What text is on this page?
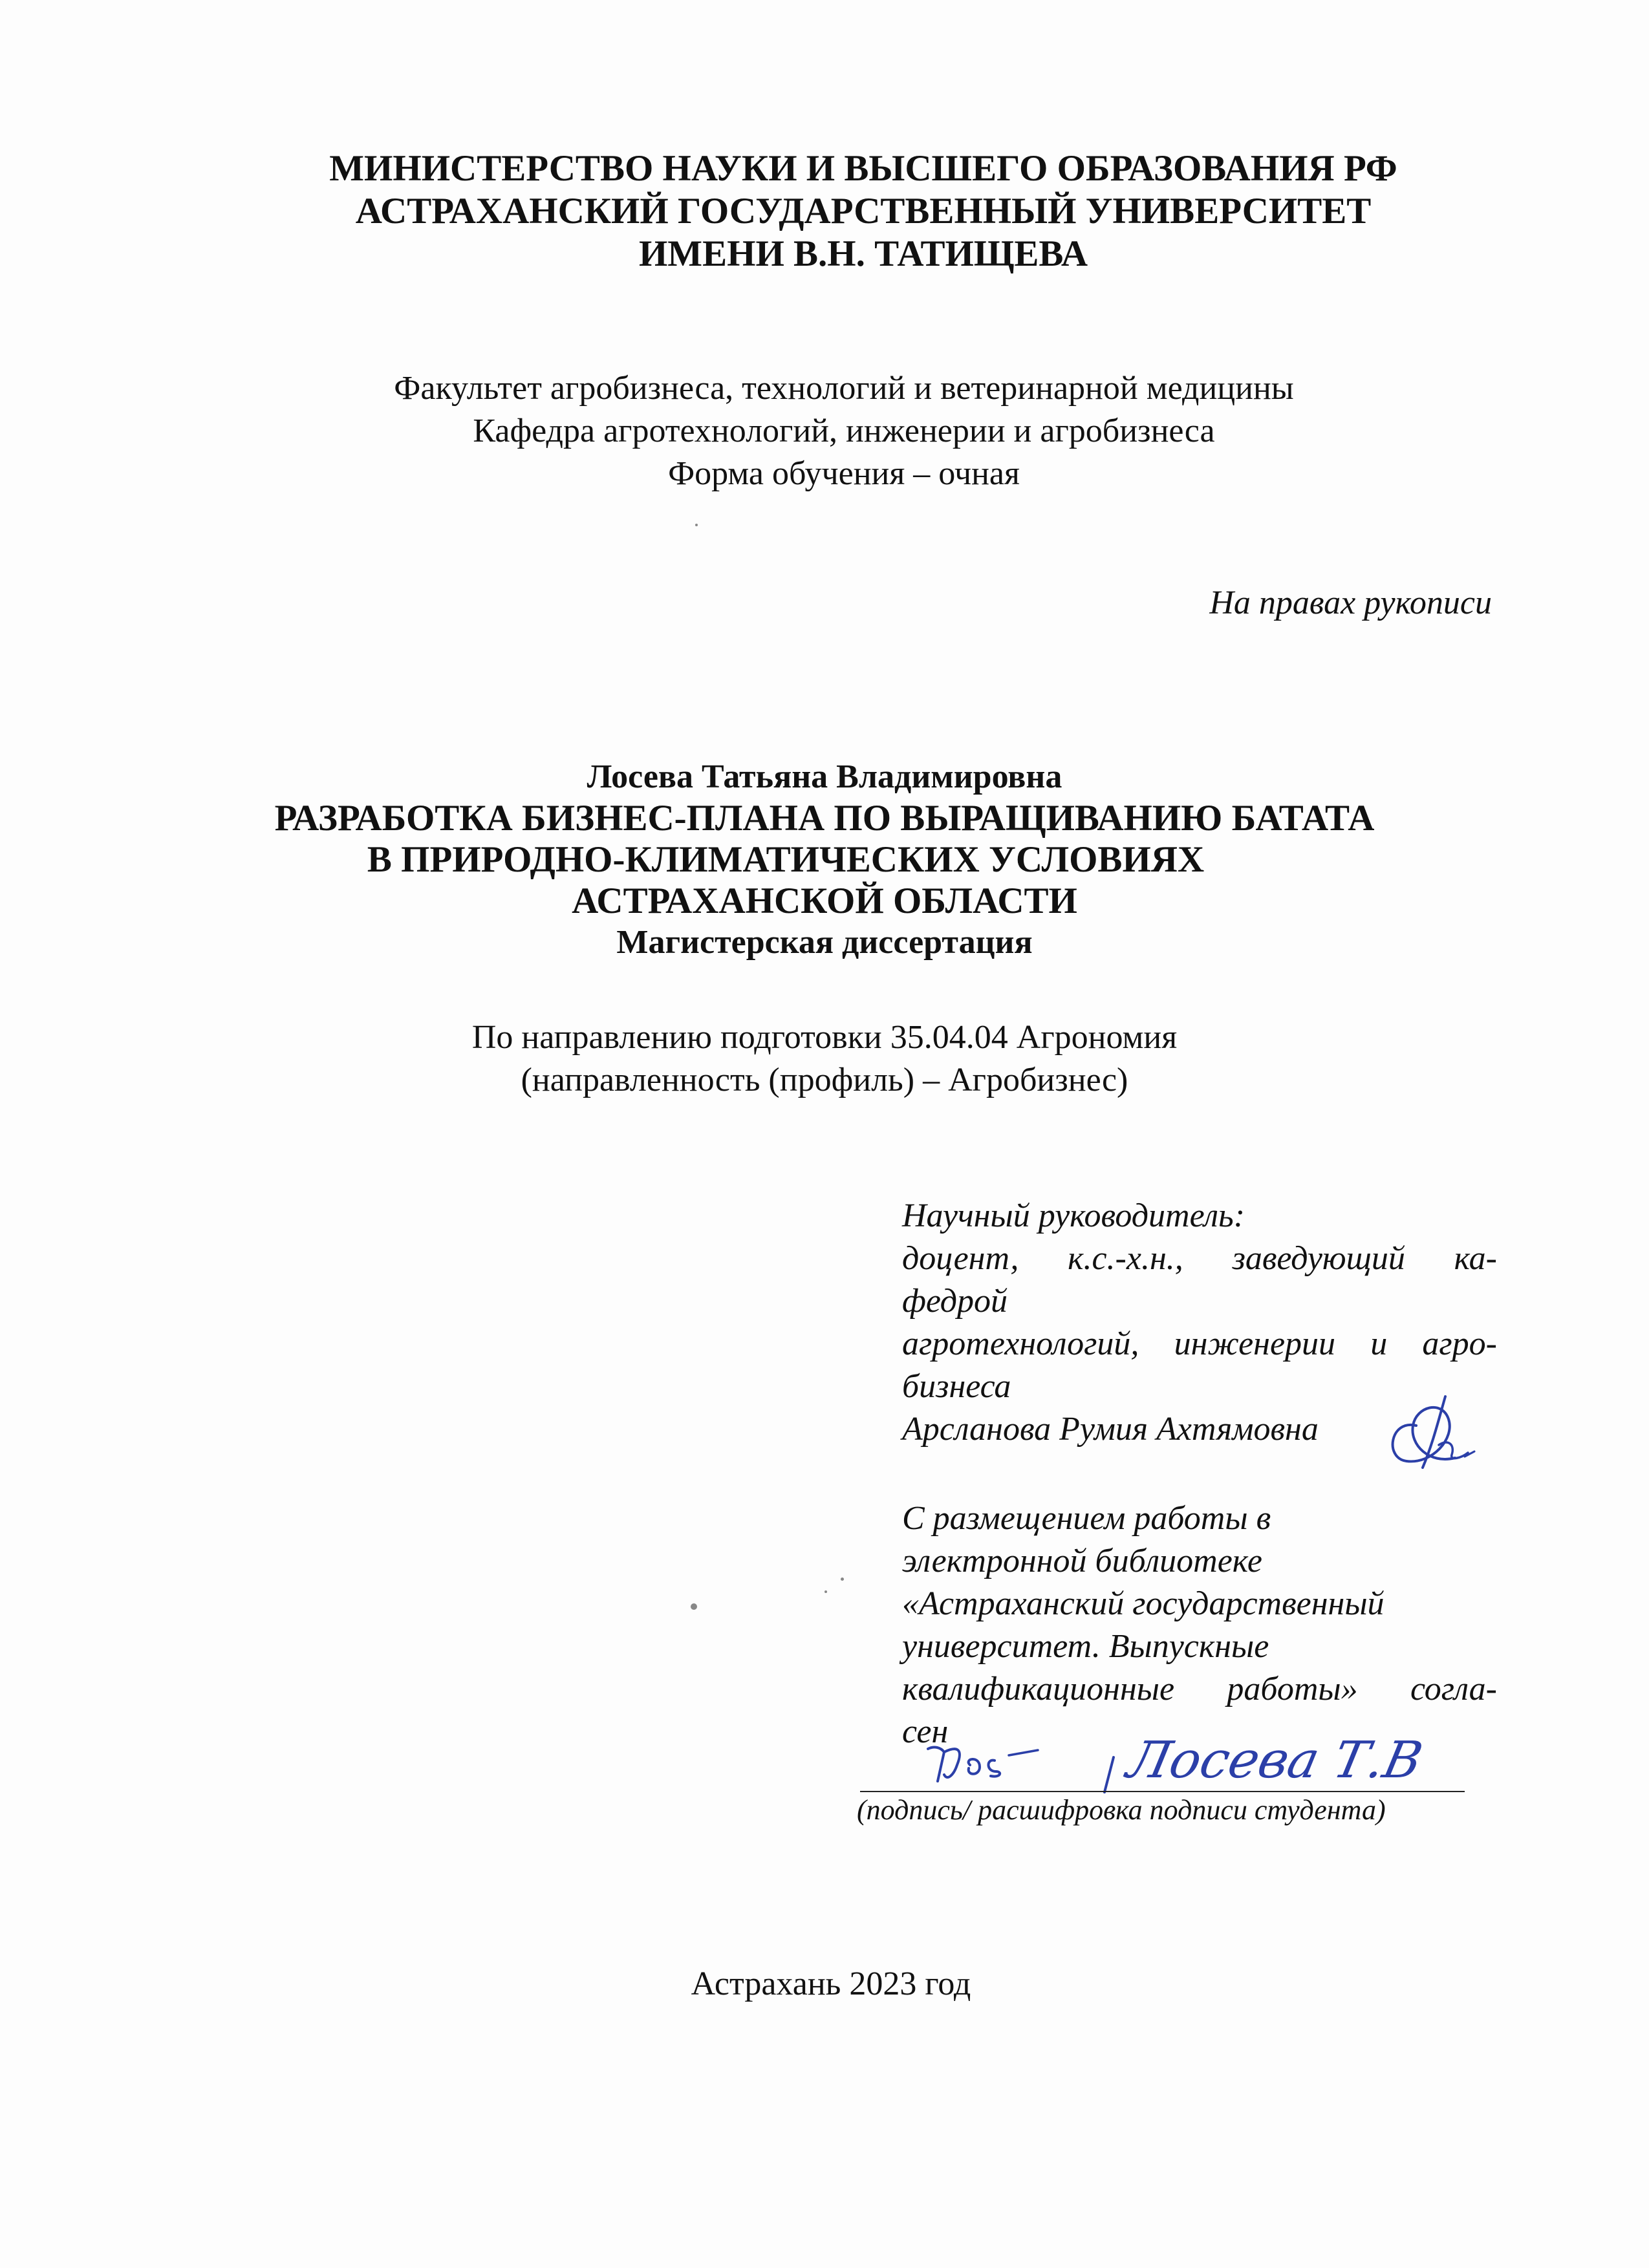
МИНИСТЕРСТВО НАУКИ И ВЫСШЕГО ОБРАЗОВАНИЯ РФ
АСТРАХАНСКИЙ ГОСУДАРСТВЕННЫЙ УНИВЕРСИТЕТ
ИМЕНИ В.Н. ТАТИЩЕВА
Факультет агробизнеса, технологий и ветеринарной медицины
Кафедра агротехнологий, инженерии и агробизнеса
Форма обучения – очная
На правах рукописи
Лосева Татьяна Владимировна
РАЗРАБОТКА БИЗНЕС-ПЛАНА ПО ВЫРАЩИВАНИЮ БАТАТА
В ПРИРОДНО-КЛИМАТИЧЕСКИХ УСЛОВИЯХ
АСТРАХАНСКОЙ ОБЛАСТИ
Магистерская диссертация
По направлению подготовки 35.04.04 Агрономия
(направленность (профиль) – Агробизнес)
Научный руководитель:
доцент, к.с.-х.н., заведующий ка-
федрой
агротехнологий, инженерии и агро-
бизнеса
Арсланова Румия Ахтямовна
С размещением работы в
электронной библиотеке
«Астраханский государственный
университет. Выпускные
квалификационные работы» согла-
сен	Лосева Т.В
(подпись/ расшифровка подписи студента)
Астрахань 2023 год
